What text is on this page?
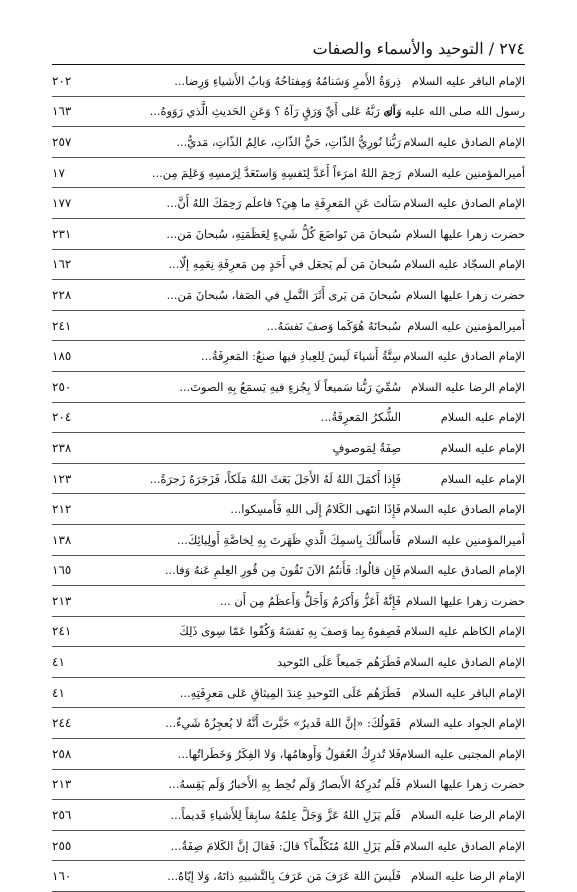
٢٧٤ / التوحيد والأسماء والصفات
الإمام الباقر عليه السلام
ذِروَةُ الأَمرِ وَسَنامُهُ وَمِفتاحُهُ وَبابُ الأَشياءِ وَرِضا...
٢٠٢
رسول الله صلى الله عليه وآله
رَأى رَبَّهُ عَلى أَيِّ وَرَقٍ رَآهُ ؟ وَعَنِ الحَديثِ الَّذي رَوَوهُ...
١٦٣
الإمام الصادق عليه السلام
رَبُّنا نُورِيُّ الذّاتِ، حَيُّ الذّاتِ، عالِمُ الذّاتِ، مَديُّ...
٢٥٧
أميرالمؤمنين عليه السلام
رَحِمَ اللهُ امرَءاً أَعَدَّ لِنَفسِهِ وَاستَعَدَّ لِرَمسِهِ وَعَلِمَ مِن...
١٧
الإمام الصادق عليه السلام
سَألتَ عَنِ المَعرِفَةِ ما هِيَ؟ فاعلَم رَحِمَكَ اللهُ أَنَّ...
١٧٧
حضرت زهرا عليها السلام
سُبحانَ مَن تَواضَعَ كُلُّ شَيءٍ لِعَظَمَتِهِ، سُبحانَ مَن...
٢٣١
الإمام السجّاد عليه السلام
سُبحانَ مَن لَم يَجعَل في أَحَدٍ مِن مَعرِفَةِ نِعَمِهِ إلّا...
١٦٢
حضرت زهرا عليها السلام
سُبحانَ مَن يَرى أَثَرَ النَّملِ في الصَفا، سُبحانَ مَن...
٢٢٨
أميرالمؤمنين عليه السلام
سُبحانَهُ هُوَكَما وَصفَ نَفسَهُ...
٢٤١
الإمام الصادق عليه السلام
سِتَّةُ أَشياءَ لَيسَ لِلعِبادِ فيها صنعٌ: المَعرِفَةُ...
١٨٥
الإمام الرضا عليه السلام
سُمِّيَ رَبُّنا سَميعاً لَا بِجُزءٍ فيهِ يَسمَعُ بِهِ الصوتَ...
٢٥٠
الإمام عليه السلام
الشُّكرُ المَعرِفَةُ...
٢٠٤
الإمام عليه السلام
صِفَةٌ لِمَوصوفٍ
٢٣٨
الإمام عليه السلام
فَإِذا أَكمَلَ اللهُ لَهُ الأَجَلَ بَعَثَ اللهُ مَلَكاً، فَزَجَرَهُ زَجرَةً...
١٢٣
الإمام الصادق عليه السلام
فَإِذَا انتَهى الكَلامُ إِلَى اللهِ فَأَمسِكوا...
٢١٢
أميرالمؤمنين عليه السلام
فَأَسأَلُكَ بِاسمِكَ الَّذي ظَهَرتَ بِهِ لِخاصَّةِ أَولِيائِكَ...
١٣٨
الإمام الصادق عليه السلام
فَإِن قالُوا: فَأَنتُمُ الآنَ تَقُونَ مِن قُورِ العِلمِ عَنهُ وَفا...
١٦٥
حضرت زهرا عليها السلام
فَإِنَّهُ أَعَزُّ وَأَكرَمُ وَأَجَلُّ وَأَعظَمُ مِن أَن ...
٢١٣
الإمام الكاظم عليه السلام
فَصِفوهُ بِما وَصفَ بِهِ نَفسَهُ وَكُفّوا عَمّا سِوى ذَلِكَ
٢٤١
الإمام الصادق عليه السلام
فَطَرَهُم جَميعاً عَلَى التَوحيد
٤١
الإمام الباقر عليه السلام
فَطَرَهُم عَلَى التَوحيدِ عِندَ المِيثاقِ عَلى مَعرِفَتِهِ...
٤١
الإمام الجواد عليه السلام
فَقَولُكَ: «إنَّ اللهَ قَديرٌ» خَبَّرتَ أَنَّهُ لا يُعجِزُهُ شَيءٌ...
٢٤٤
الإمام المجتبى عليه السلام
فَلا تُدرِكُ العُقولُ وَأَوهامُها، وَلا الفِكَرُ وَخَطَراتُها...
٢٥٨
حضرت زهرا عليها السلام
فَلَم تُدرِكهُ الأَبصارُ وَلَم تُحِط بِهِ الأَخبارُ وَلَم يَقِسهُ...
٢١٣
الإمام الرضا عليه السلام
فَلَم يَزَلِ اللهُ عَزَّ وَجَلَّ عِلمُهُ سابِقاً لِلأَشياءِ قَديماً...
٢٥٦
الإمام الصادق عليه السلام
فَلَم يَزَلِ اللهُ مُتَكَلِّماً؟ قالَ: فَقالَ إنَّ الكَلامَ صِفَةٌ...
٢٥٥
الإمام الرضا عليه السلام
فَلَيسَ اللهَ عَرَفَ مَن عَرَفَ بِالتَّشبيهِ ذاتَهُ، وَلا إيّاهُ...
١٦٠
